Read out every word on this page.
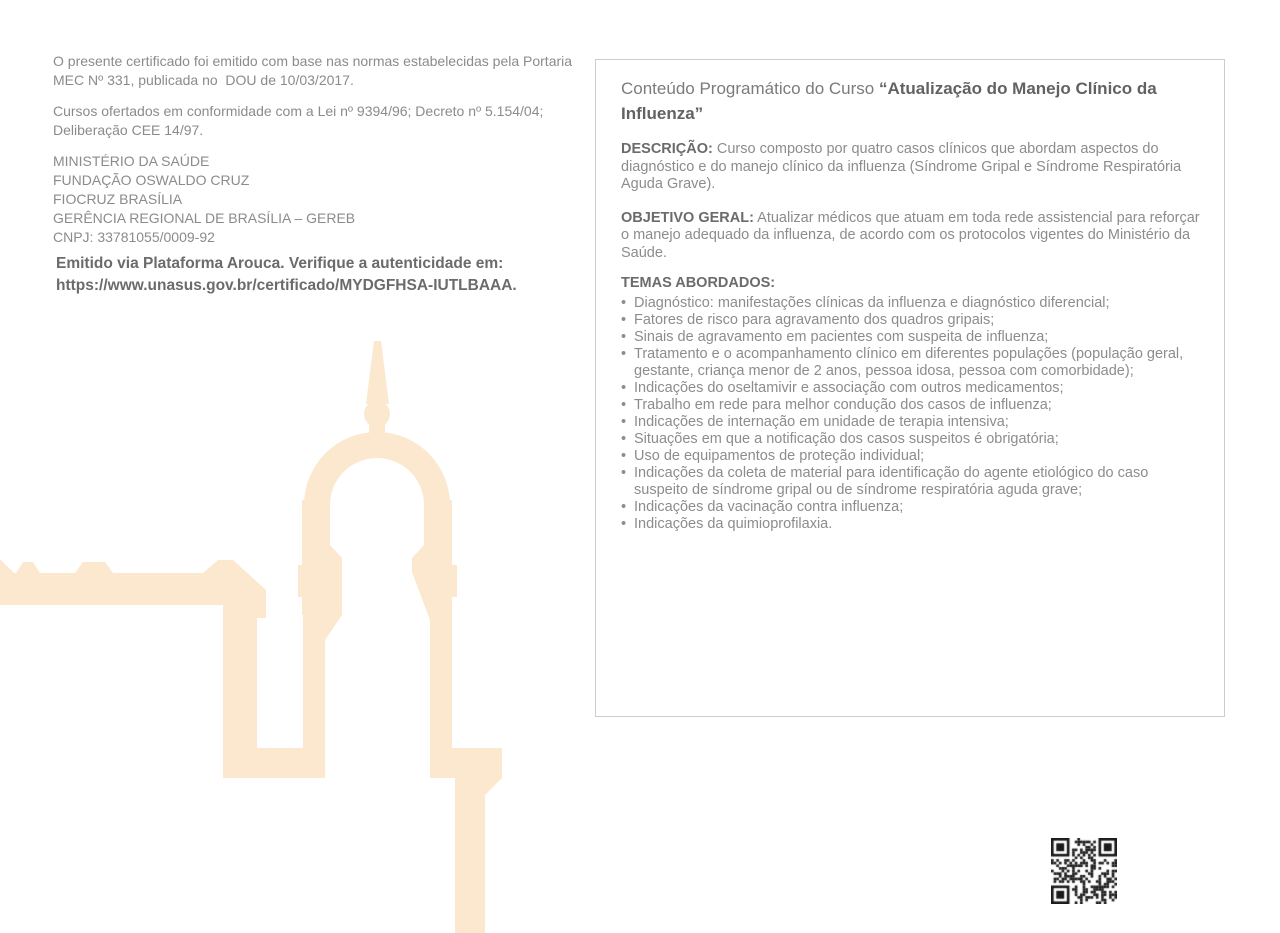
O presente certificado foi emitido com base nas normas estabelecidas pela Portaria MEC Nº 331, publicada no  DOU de 10/03/2017.
Cursos ofertados em conformidade com a Lei nº 9394/96; Decreto nº 5.154/04; Deliberação CEE 14/97.
MINISTÉRIO DA SAÚDE
FUNDAÇÃO OSWALDO CRUZ
FIOCRUZ BRASÍLIA
GERÊNCIA REGIONAL DE BRASÍLIA – GEREB
CNPJ: 33781055/0009-92
Emitido via Plataforma Arouca. Verifique a autenticidade em:
https://www.unasus.gov.br/certificado/MYDGFHSA-IUTLBAAA.

Conteúdo Programático do Curso “Atualização do Manejo Clínico da Influenza”

DESCRIÇÃO: Curso composto por quatro casos clínicos que abordam aspectos do diagnóstico e do manejo clínico da influenza (Síndrome Gripal e Síndrome Respiratória Aguda Grave).

OBJETIVO GERAL: Atualizar médicos que atuam em toda rede assistencial para reforçar o manejo adequado da influenza, de acordo com os protocolos vigentes do Ministério da Saúde.

TEMAS ABORDADOS:

• Diagnóstico: manifestações clínicas da influenza e diagnóstico diferencial;
• Fatores de risco para agravamento dos quadros gripais;
• Sinais de agravamento em pacientes com suspeita de influenza;
• Tratamento e o acompanhamento clínico em diferentes populações (população geral, gestante, criança menor de 2 anos, pessoa idosa, pessoa com comorbidade);
• Indicações do oseltamivir e associação com outros medicamentos;
• Trabalho em rede para melhor condução dos casos de influenza;
• Indicações de internação em unidade de terapia intensiva;
• Situações em que a notificação dos casos suspeitos é obrigatória;
• Uso de equipamentos de proteção individual;
• Indicações da coleta de material para identificação do agente etiológico do caso suspeito de síndrome gripal ou de síndrome respiratória aguda grave;
• Indicações da vacinação contra influenza;
• Indicações da quimioprofilaxia.
